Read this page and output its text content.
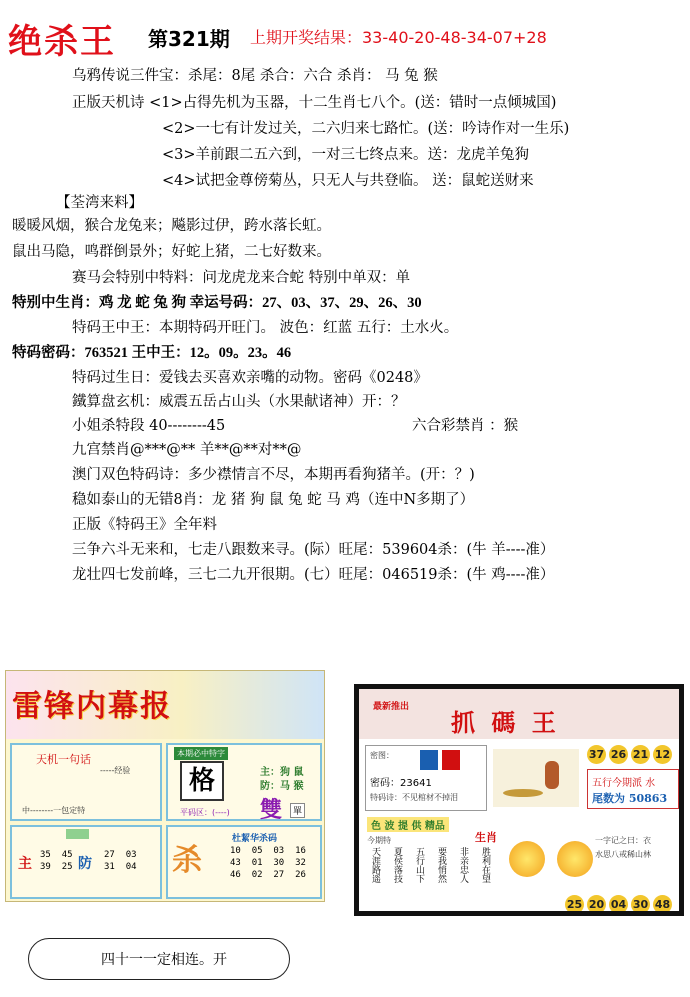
绝杀王 第321期 上期开奖结果：33-40-20-48-34-07+28
乌鸦传说三件宝：杀尾：8尾 杀合：六合 杀肖： 马 兔 猴
正版天机诗 <1>占得先机为玉器，十二生肖七八个。(送：错时一点倾城国)
<2>一七有计发过关，二六归来七路忙。(送：吟诗作对一生乐)
<3>羊前跟二五六到，一对三七终点来。送：龙虎羊兔狗
<4>试把金尊傍菊丛，只无人与共登临。 送：鼠蛇送财来
【荃湾来料】
暖暖风烟，猴合龙兔来；飚影过伊，跨水落长虹。
鼠出马隐，鸣群倒景外；好蛇上猪，二七好数来。
赛马会特别中特料：问龙虎龙来合蛇 特别中单双：单
特别中生肖：鸡 龙 蛇 兔 狗 幸运号码：27、03、37、29、26、30
特码王中王：本期特码开旺门。 波色：红蓝 五行：土水火。
特码密码：763521 王中王：12。09。23。46
特码过生日：爱钱去买喜欢亲嘴的动物。密码《0248》
鐵算盘玄机：威震五岳占山头（水果献诸神）开：？
小姐杀特段 40--------45	六合彩禁肖 ：猴
九宫禁肖@***@** 羊**@**对**@
澳门双色特码诗：多少襟情言不尽，本期再看狗猪羊。(开：？)
稳如泰山的无错8肖：龙 猪 狗 鼠 兔 蛇 马 鸡（连中N多期了）
正版《特码王》全年料
三争六斗无来和，七走八跟数来寻。(际）旺尾：539604杀：(牛 羊----准）
龙壮四七发前峰，三七二九开很期。(七）旺尾：046519杀：(牛 鸡----准）
雷锋内幕报
天机一句话
-----经验
中--------一包定特
本期必中特字
格	主：狗 鼠
防：马 猴
平码区：(----) 雙	單

主
35 45
39 25 防
27 03
31 04 杀
杜絜华杀码
10 05 03 16
43 01 30 32
46 02 27 26
最新推出
抓 碼 王
37 26 21 12
密图：
密码：23641
特码诗：不见棺材不掉泪
五行今期派 水
尾数为 50863
色 波 提 供 精品
今期特	生肖
天涯路遥 夏侯落技 五行山下 要我悄然 非亲忠人 胜利在望
一字记之曰：衣
水思八戒稀山林
25 20 04 30 48
四十一一定相连。开
